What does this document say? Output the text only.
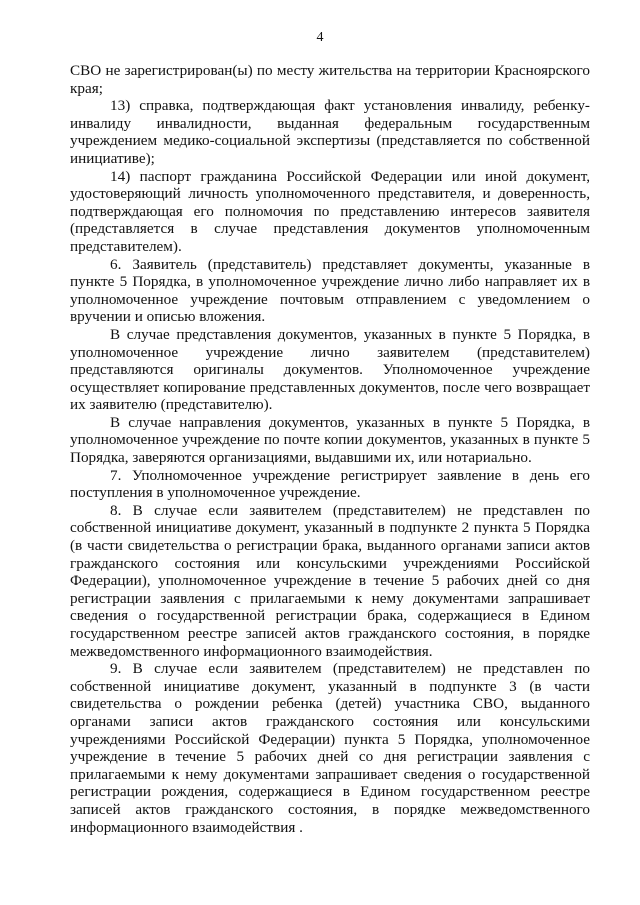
4

СВО не зарегистрирован(ы) по месту жительства на территории Красноярского края;

13) справка, подтверждающая факт установления инвалиду, ребенку-инвалиду инвалидности, выданная федеральным государственным учреждением медико-социальной экспертизы (представляется по собственной инициативе);

14) паспорт гражданина Российской Федерации или иной документ, удостоверяющий личность уполномоченного представителя, и доверенность, подтверждающая его полномочия по представлению интересов заявителя (представляется в случае представления документов уполномоченным представителем).

6. Заявитель (представитель) представляет документы, указанные в пункте 5 Порядка, в уполномоченное учреждение лично либо направляет их в уполномоченное учреждение почтовым отправлением с уведомлением о вручении и описью вложения.

В случае представления документов, указанных в пункте 5 Порядка, в уполномоченное учреждение лично заявителем (представителем) представляются оригиналы документов. Уполномоченное учреждение осуществляет копирование представленных документов, после чего возвращает их заявителю (представителю).

В случае направления документов, указанных в пункте 5 Порядка, в уполномоченное учреждение по почте копии документов, указанных в пункте 5 Порядка, заверяются организациями, выдавшими их, или нотариально.

7. Уполномоченное учреждение регистрирует заявление в день его поступления в уполномоченное учреждение.

8. В случае если заявителем (представителем) не представлен по собственной инициативе документ, указанный в подпункте 2 пункта 5 Порядка (в части свидетельства о регистрации брака, выданного органами записи актов гражданского состояния или консульскими учреждениями Российской Федерации), уполномоченное учреждение в течение 5 рабочих дней со дня регистрации заявления с прилагаемыми к нему документами запрашивает сведения о государственной регистрации брака, содержащиеся в Едином государственном реестре записей актов гражданского состояния, в порядке межведомственного информационного взаимодействия.

9. В случае если заявителем (представителем) не представлен по собственной инициативе документ, указанный в подпункте 3 (в части свидетельства о рождении ребенка (детей) участника СВО, выданного органами записи актов гражданского состояния или консульскими учреждениями Российской Федерации) пункта 5 Порядка, уполномоченное учреждение в течение 5 рабочих дней со дня регистрации заявления с прилагаемыми к нему документами запрашивает сведения о государственной регистрации рождения, содержащиеся в Едином государственном реестре записей актов гражданского состояния, в порядке межведомственного информационного взаимодействия .
